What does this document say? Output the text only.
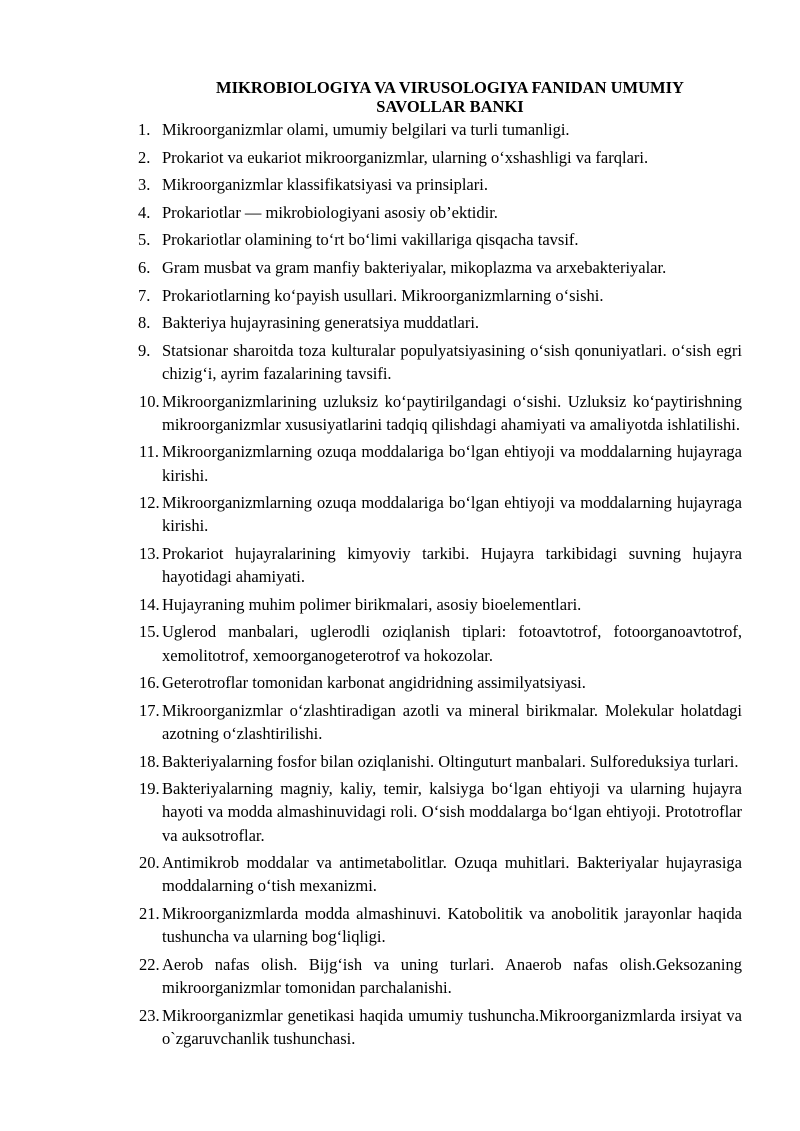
MIKROBIOLOGIYA VA VIRUSOLOGIYA FANIDAN UMUMIY
SAVOLLAR BANKI
1. Mikroorganizmlar olami, umumiy belgilari va turli tumanligi.
2. Prokariot va eukariot mikroorganizmlar, ularning o‘xshashligi va farqlari.
3. Mikroorganizmlar klassifikatsiyasi va prinsiplari.
4. Prokariotlar — mikrobiologiyani asosiy ob’ektidir.
5. Prokariotlar olamining to‘rt bo‘limi vakillariga qisqacha tavsif.
6. Gram musbat va gram manfiy bakteriyalar, mikoplazma va arxebakteriyalar.
7. Prokariotlarning ko‘payish usullari. Mikroorganizmlarning o‘sishi.
8. Bakteriya hujayrasining generatsiya muddatlari.
9. Statsionar sharoitda toza kulturalar populyatsiyasining o‘sish qonuniyatlari. o‘sish egri chizig‘i, ayrim fazalarining tavsifi.
10. Mikroorganizmlarining uzluksiz ko‘paytirilgandagi o‘sishi. Uzluksiz ko‘paytirishning mikroorganizmlar xususiyatlarini tadqiq qilishdagi ahamiyati va amaliyotda ishlatilishi.
11. Mikroorganizmlarning ozuqa moddalariga bo‘lgan ehtiyoji va moddalarning hujayraga kirishi.
12. Mikroorganizmlarning ozuqa moddalariga bo‘lgan ehtiyoji va moddalarning hujayraga kirishi.
13. Prokariot hujayralarining kimyoviy tarkibi. Hujayra tarkibidagi suvning hujayra hayotidagi ahamiyati.
14. Hujayraning muhim polimer birikmalari, asosiy bioelementlari.
15. Uglerod manbalari, uglerodli oziqlanish tiplari: fotoavtotrof, fotoorganoavtotrof, xemolitotrof, xemoorganogeterotrof va hokozolar.
16. Geterotroflar tomonidan karbonat angidridning assimilyatsiyasi.
17. Mikroorganizmlar o‘zlashtiradigan azotli va mineral birikmalar. Molekular holatdagi azotning o‘zlashtirilishi.
18. Bakteriyalarning fosfor bilan oziqlanishi. Oltinguturt manbalari. Sulforeduksiya turlari.
19. Bakteriyalarning magniy, kaliy, temir, kalsiyga bo‘lgan ehtiyoji va ularning hujayra hayoti va modda almashinuvidagi roli. O‘sish moddalarga bo‘lgan ehtiyoji. Prototroflar va auksotroflar.
20. Antimikrob moddalar va antimetabolitlar. Ozuqa muhitlari. Bakteriyalar hujayrasiga moddalarning o‘tish mexanizmi.
21. Mikroorganizmlarda modda almashinuvi. Katobolitik va anobolitik jarayonlar haqida tushuncha va ularning bog‘liqligi.
22. Aerob nafas olish. Bijg‘ish va uning turlari. Anaerob nafas olish.Geksozaning mikroorganizmlar tomonidan parchalanishi.
23. Mikroorganizmlar genetikasi haqida umumiy tushuncha.Mikroorganizmlarda irsiyat va o`zgaruvchanlik tushunchasi.
